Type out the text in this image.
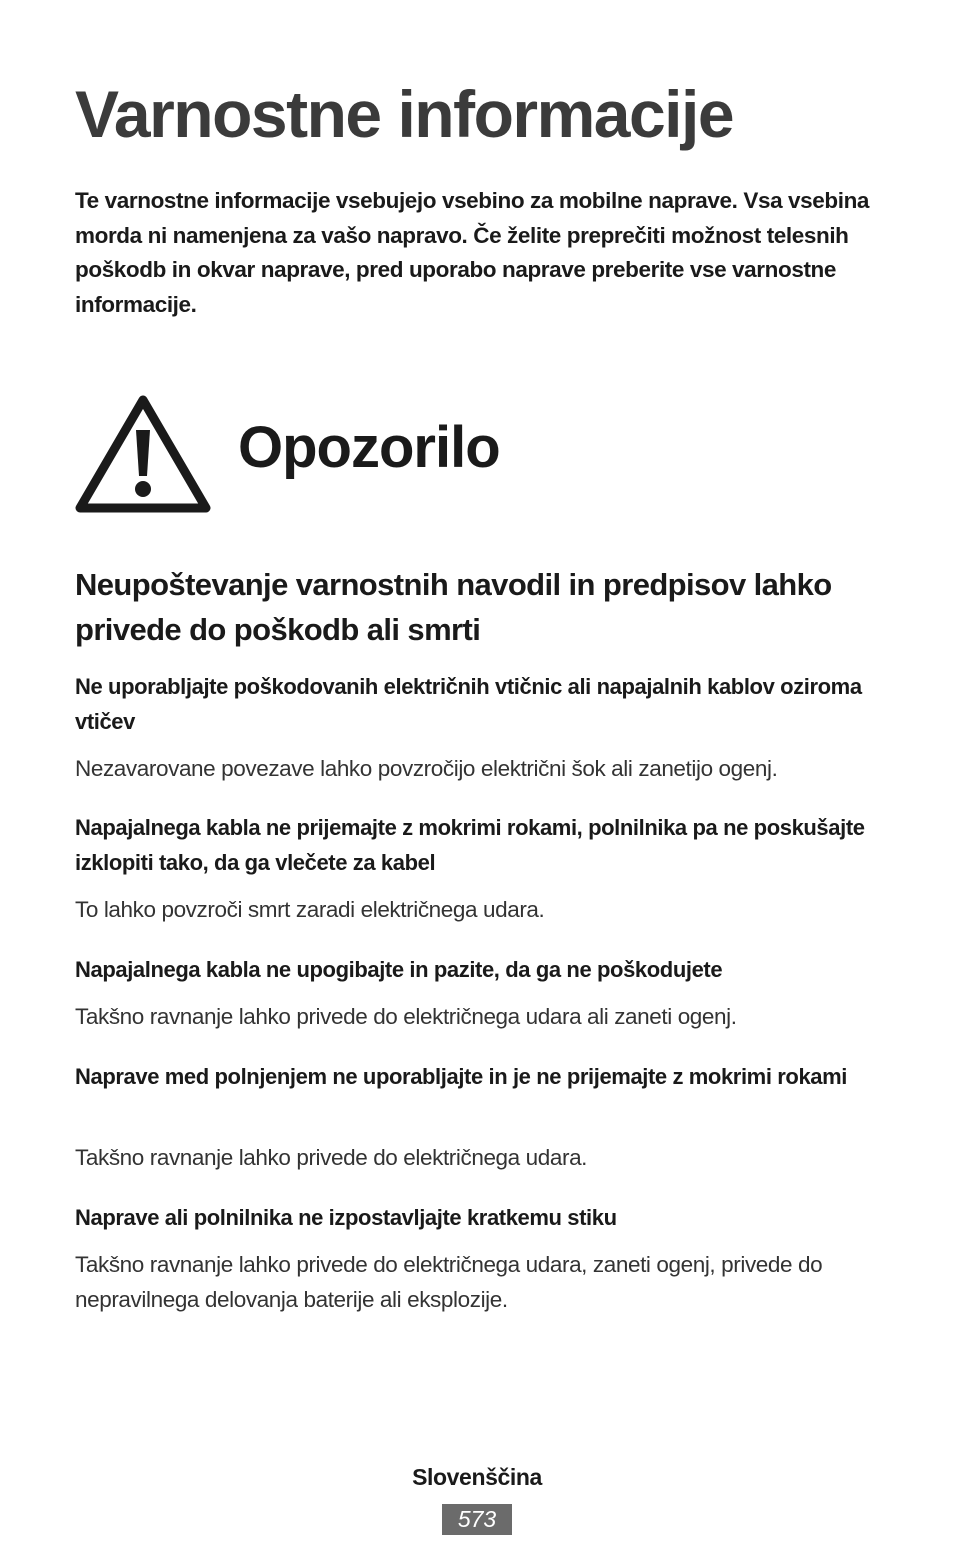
Varnostne informacije

Te varnostne informacije vsebujejo vsebino za mobilne naprave. Vsa vsebina morda ni namenjena za vašo napravo. Če želite preprečiti možnost telesnih poškodb in okvar naprave, pred uporabo naprave preberite vse varnostne informacije.

Opozorilo
Neupoštevanje varnostnih navodil in predpisov lahko privede do poškodb ali smrti
Ne uporabljajte poškodovanih električnih vtičnic ali napajalnih kablov oziroma vtičev
Nezavarovane povezave lahko povzročijo električni šok ali zanetijo ogenj.
Napajalnega kabla ne prijemajte z mokrimi rokami, polnilnika pa ne poskušajte izklopiti tako, da ga vlečete za kabel
To lahko povzroči smrt zaradi električnega udara.
Napajalnega kabla ne upogibajte in pazite, da ga ne poškodujete
Takšno ravnanje lahko privede do električnega udara ali zaneti ogenj.
Naprave med polnjenjem ne uporabljajte in je ne prijemajte z mokrimi rokami
Takšno ravnanje lahko privede do električnega udara.
Naprave ali polnilnika ne izpostavljajte kratkemu stiku
Takšno ravnanje lahko privede do električnega udara, zaneti ogenj, privede do nepravilnega delovanja baterije ali eksplozije.
Slovenščina
573
